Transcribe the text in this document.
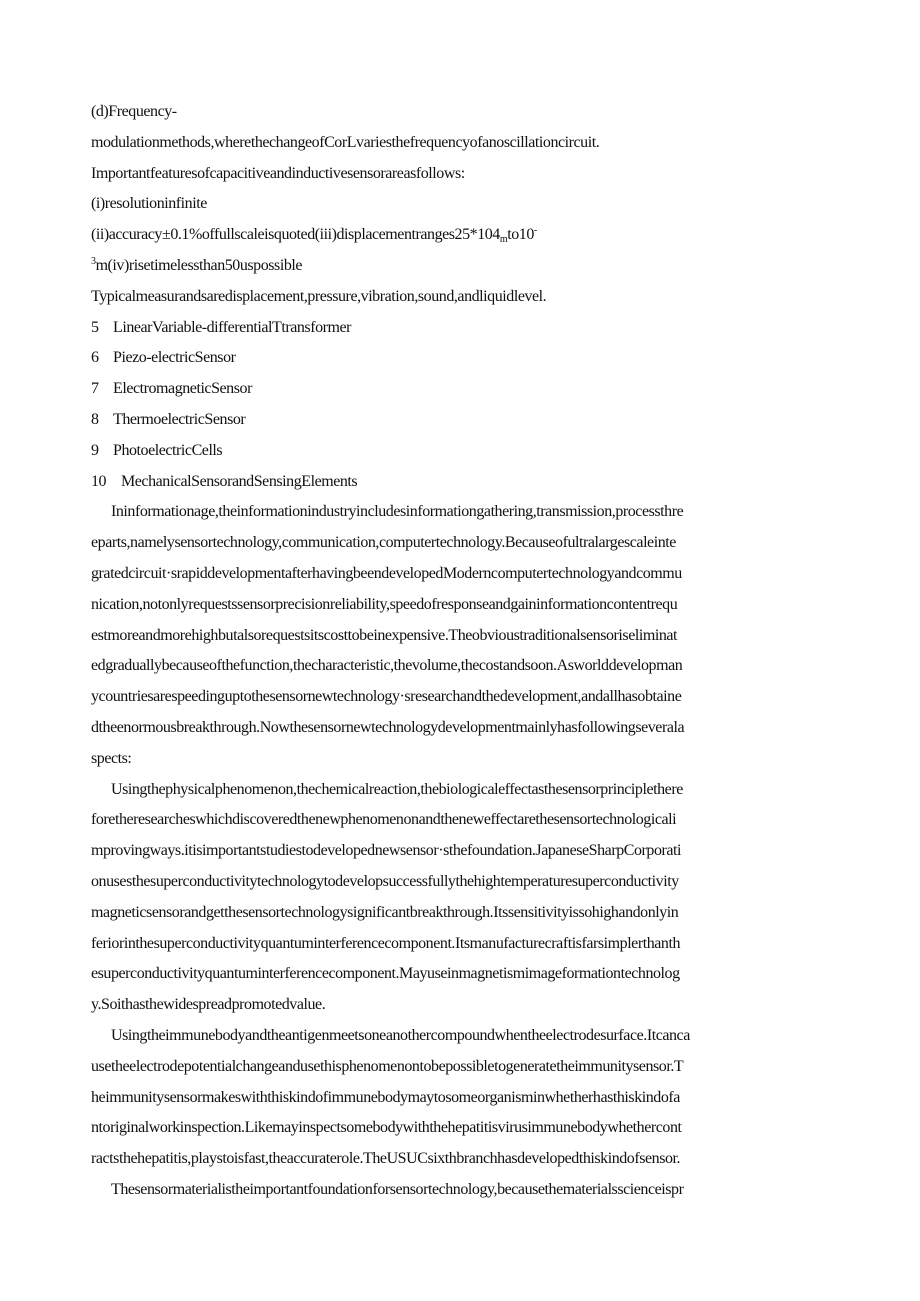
(d)Frequency-
modulationmethods,wherethechangeofCorLvariesthefrequencyofanoscillationcircuit.
Importantfeaturesofcapacitiveandinductivesensorareasfollows:
(i)resolutioninfinite
$(ii)accuracy\pm 0.1\%offullscaleisquoted(iii)displacementranges25*104_mto10^-$
$^3$m(iv)risetimelessthan50uspossible
Typicalmeasurandsaredisplacement,pressure,vibration,sound,andliquidlevel.
5 LinearVariable-differentialTtransformer
6 Piezo-electricSensor
7 ElectromagneticSensor
8 ThermoelectricSensor
9 PhotoelectricCells
10 MechanicalSensorandSensingElements
Ininformationage,theinformationindustryincludesinformationgathering,transmission,processthre
eparts,namelysensortechnology,communication,computertechnology.Becauseofultralargescaleinte
gratedcircuit·srapiddevelopmentafterhavingbeendevelopedModerncomputertechnologyandcommu
nication,notonlyrequestssensorprecisionreliability,speedofresponseandgaininformationcontentrequ
estmoreandmorehighbutalsorequestsitscosttobeinexpensive.Theobvioustraditionalsensoriseliminat
edgraduallybecauseofthefunction,thecharacteristic,thevolume,thecostandsoon.Asworlddevelopman
ycountriesarespeedinguptothesensornewtechnology·sresearchandthedevelopment,andallhasobtaine
dtheenormousbreakthrough.Nowthesensornewtechnologydevelopmentmainlyhasfollowingseverala
spects:
Usingthephysicalphenomenon,thechemicalreaction,thebiologicaleffectasthesensorprinciplethere
foretheresearcheswhichdiscoveredthenewphenomenonandtheneweffectarethesensortechnologicali
mprovingways.itisimportantstudiestodevelopednewsensor·sthefoundation.JapaneseSharpCorporati
onusesthesuperconductivitytechnologytodevelopsuccessfullythehightemperaturesuperconductivity
magneticsensorandgetthesensortechnologysignificantbreakthrough.Itssensitivityissohighandonlyin
feriorinthesuperconductivityquantuminterferencecomponent.Itsmanufacturecraftisfarsimplerthanth
esuperconductivityquantuminterferencecomponent.Mayuseinmagnetismimageformationtechnolog
y.Soithasthewidespreadpromotedvalue.
Usingtheimmunebodyandtheantigenmeetsoneanothercompoundwhentheelectrodesurface.Itcanca
usetheelectrodepotentialchangeandusethisphenomenontobepossibletogeneratetheimmunitysensor.T
heimmunitysensormakeswiththiskindofimmunebodymaytosomeorganisminwhetherhasthiskindofa
ntoriginalworkinspection.Likemayinspectsomebodywiththehepatitisvirusimmunebodywhethercont
ractsthehepatitis,playstoisfast,theaccuraterole.TheUSUCsixthbranchhasdevelopedthiskindofsensor.
Thesensormaterialistheimportantfoundationforsensortechnology,becausethematerialsscienceispr
